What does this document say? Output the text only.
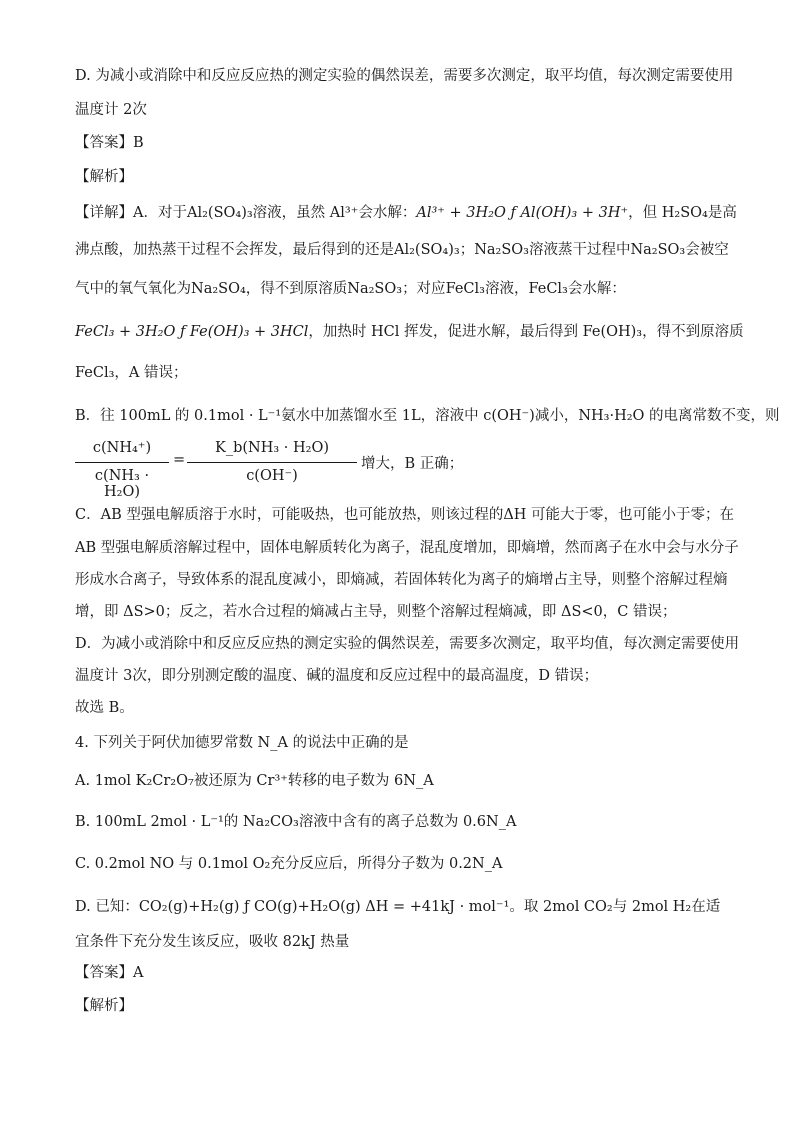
D. 为减小或消除中和反应反应热的测定实验的偶然误差，需要多次测定，取平均值，每次测定需要使用
温度计 2次
【答案】B
【解析】
【详解】A．对于Al₂(SO₄)₃溶液，虽然 Al³⁺会水解：Al³⁺ + 3H₂O ƒ Al(OH)₃ + 3H⁺，但 H₂SO₄是高
沸点酸，加热蒸干过程不会挥发，最后得到的还是Al₂(SO₄)₃；Na₂SO₃溶液蒸干过程中Na₂SO₃会被空
气中的氧气氧化为Na₂SO₄，得不到原溶质Na₂SO₃；对应FeCl₃溶液，FeCl₃会水解：
FeCl₃ + 3H₂O ƒ Fe(OH)₃ + 3HCl，加热时 HCl 挥发，促进水解，最后得到 Fe(OH)₃，得不到原溶质
FeCl₃，A 错误；
B．往 100mL 的 0.1mol · L⁻¹氨水中加蒸馏水至 1L，溶液中 c(OH⁻)减小，NH₃·H₂O 的电离常数不变，则
c(NH₄⁺)
c(NH₃ · H₂O)
=
K_b(NH₃ · H₂O)
c(OH⁻)
增大，B 正确；
C．AB 型强电解质溶于水时，可能吸热，也可能放热，则该过程的ΔH 可能大于零，也可能小于零；在
AB 型强电解质溶解过程中，固体电解质转化为离子，混乱度增加，即熵增，然而离子在水中会与水分子
形成水合离子，导致体系的混乱度减小，即熵减，若固体转化为离子的熵增占主导，则整个溶解过程熵
增，即 ΔS>0；反之，若水合过程的熵减占主导，则整个溶解过程熵减，即 ΔS<0，C 错误；
D．为减小或消除中和反应反应热的测定实验的偶然误差，需要多次测定，取平均值，每次测定需要使用
温度计 3次，即分别测定酸的温度、碱的温度和反应过程中的最高温度，D 错误；
故选 B。
4. 下列关于阿伏加德罗常数 N_A 的说法中正确的是
A. 1mol K₂Cr₂O₇被还原为 Cr³⁺转移的电子数为 6N_A
B. 100mL 2mol · L⁻¹的 Na₂CO₃溶液中含有的离子总数为 0.6N_A
C. 0.2mol NO 与 0.1mol O₂充分反应后，所得分子数为 0.2N_A
D. 已知：CO₂(g)+H₂(g) ƒ CO(g)+H₂O(g) ΔH = +41kJ · mol⁻¹。取 2mol CO₂与 2mol H₂在适
宜条件下充分发生该反应，吸收 82kJ 热量
【答案】A
【解析】
